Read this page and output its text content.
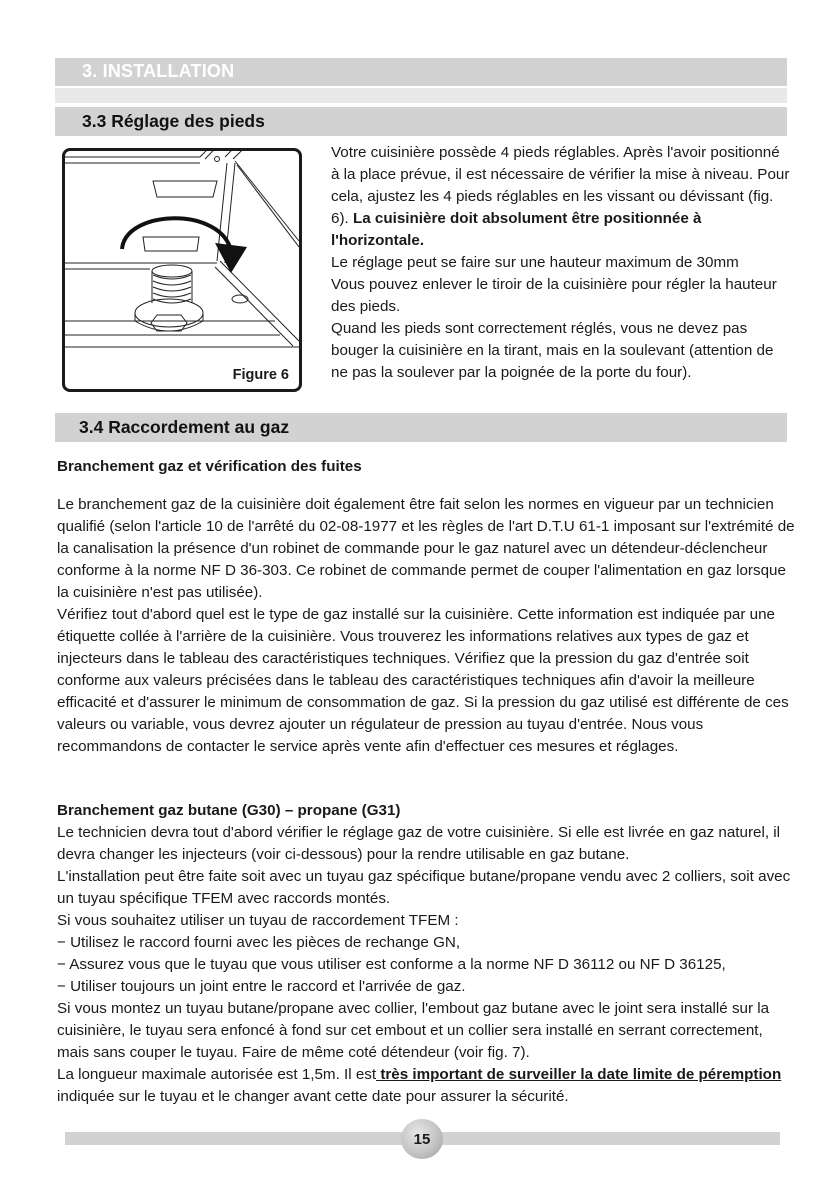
3. INSTALLATION
3.3 Réglage des pieds
Figure 6

Votre cuisinière possède 4 pieds réglables. Après l'avoir positionné à la place prévue, il est nécessaire de vérifier la mise à niveau. Pour cela, ajustez les 4 pieds réglables en les vissant ou dévissant (fig. 6). La cuisinière doit absolument être positionnée à l'horizontale.

Le réglage peut se faire sur une hauteur maximum de 30mm

Vous pouvez enlever le tiroir de la cuisinière pour régler la hauteur des pieds.

Quand les pieds sont correctement réglés, vous ne devez pas bouger la cuisinière en la tirant, mais en la soulevant (attention de ne pas la soulever par la poignée de la porte du four).

3.4 Raccordement au gaz

Branchement gaz et vérification des fuites

Le branchement gaz de la cuisinière doit également être fait selon les normes en vigueur par un technicien qualifié (selon l'article 10 de l'arrêté du 02-08-1977 et les règles de l'art D.T.U 61-1 imposant sur l'extrémité de la canalisation la présence d'un robinet de commande pour le gaz naturel avec un détendeur-déclencheur conforme à la norme NF D 36-303. Ce robinet de commande permet de couper l'alimentation en gaz lorsque la cuisinière n'est pas utilisée).

Vérifiez tout d'abord quel est le type de gaz installé sur la cuisinière. Cette information est indiquée par une étiquette collée à l'arrière de la cuisinière. Vous trouverez les informations relatives aux types de gaz et injecteurs dans le tableau des caractéristiques techniques. Vérifiez que la pression du gaz d'entrée soit conforme aux valeurs précisées dans le tableau des caractéristiques techniques afin d'avoir la meilleure efficacité et d'assurer le minimum de consommation de gaz. Si la pression du gaz utilisé est différente de ces valeurs ou variable, vous devrez ajouter un régulateur de pression au tuyau d'entrée. Nous vous recommandons de contacter le service après vente afin d'effectuer ces mesures et réglages.

Branchement gaz butane (G30) – propane (G31)

Le technicien devra tout d'abord vérifier le réglage gaz de votre cuisinière. Si elle est livrée en gaz naturel, il devra changer les injecteurs (voir ci-dessous) pour la rendre utilisable en gaz butane.

L'installation peut être faite soit avec un tuyau gaz spécifique butane/propane vendu avec 2 colliers, soit avec un tuyau spécifique TFEM avec raccords montés.

Si vous souhaitez utiliser un tuyau de raccordement TFEM :

− Utilisez le raccord fourni avec les pièces de rechange GN,

− Assurez vous que le tuyau que vous utiliser est conforme a la norme NF D 36112 ou NF D 36125,

− Utiliser toujours un joint entre le raccord et l'arrivée de gaz.

Si vous montez un tuyau butane/propane avec collier, l'embout gaz butane avec le joint sera installé sur la cuisinière, le tuyau sera enfoncé à fond sur cet embout et un collier sera installé en serrant correctement, mais sans couper le tuyau. Faire de même coté détendeur (voir fig. 7).

La longueur maximale autorisée est 1,5m. Il est très important de surveiller la date limite de péremption indiquée sur le tuyau et le changer avant cette date pour assurer la sécurité.

15
